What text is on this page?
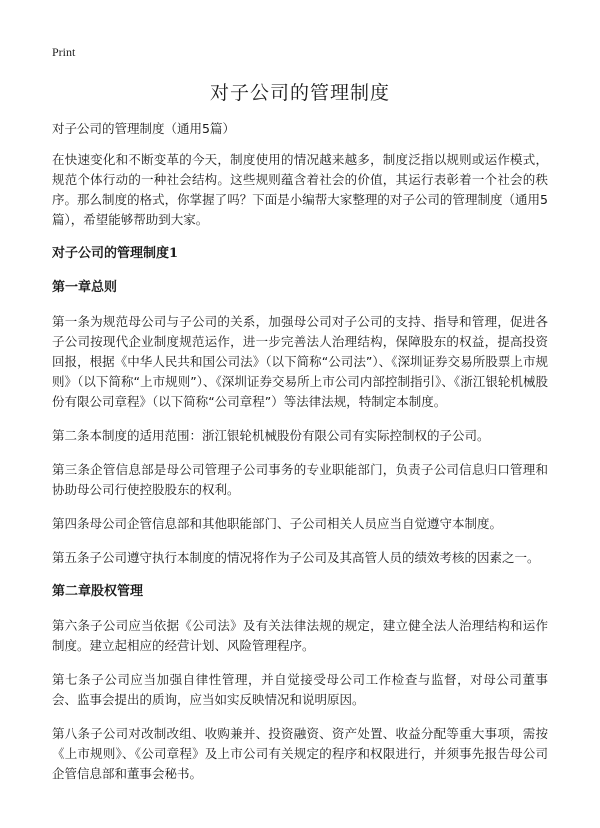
Print
对子公司的管理制度
对子公司的管理制度（通用5篇）

在快速变化和不断变革的今天，制度使用的情况越来越多，制度泛指以规则或运作模式，规范个体行动的一种社会结构。这些规则蕴含着社会的价值，其运行表彰着一个社会的秩序。那么制度的格式，你掌握了吗？下面是小编帮大家整理的对子公司的管理制度（通用5篇），希望能够帮助到大家。

对子公司的管理制度1
第一章总则

第一条为规范母公司与子公司的关系，加强母公司对子公司的支持、指导和管理，促进各子公司按现代企业制度规范运作，进一步完善法人治理结构，保障股东的权益，提高投资回报，根据《中华人民共和国公司法》（以下简称“公司法”）、《深圳证券交易所股票上市规则》（以下简称“上市规则”）、《深圳证券交易所上市公司内部控制指引》、《浙江银轮机械股份有限公司章程》（以下简称“公司章程”）等法律法规，特制定本制度。

第二条本制度的适用范围：浙江银轮机械股份有限公司有实际控制权的子公司。

第三条企管信息部是母公司管理子公司事务的专业职能部门，负责子公司信息归口管理和协助母公司行使控股股东的权利。

第四条母公司企管信息部和其他职能部门、子公司相关人员应当自觉遵守本制度。

第五条子公司遵守执行本制度的情况将作为子公司及其高管人员的绩效考核的因素之一。

第二章股权管理

第六条子公司应当依据《公司法》及有关法律法规的规定，建立健全法人治理结构和运作制度。建立起相应的经营计划、风险管理程序。

第七条子公司应当加强自律性管理，并自觉接受母公司工作检查与监督，对母公司董事会、监事会提出的质询，应当如实反映情况和说明原因。

第八条子公司对改制改组、收购兼并、投资融资、资产处置、收益分配等重大事项，需按《上市规则》、《公司章程》及上市公司有关规定的程序和权限进行，并须事先报告母公司企管信息部和董事会秘书。
